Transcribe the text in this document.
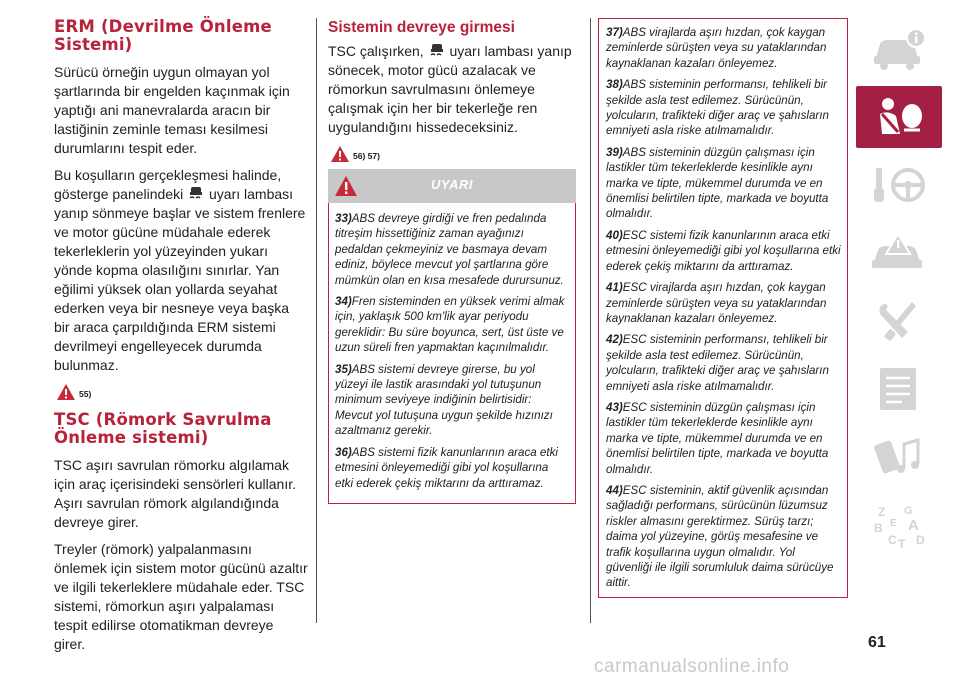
ERM (Devrilme Önleme Sistemi)

Sürücü örneğin uygun olmayan yol şartlarında bir engelden kaçınmak için yaptığı ani manevralarda aracın bir lastiğinin zeminle teması kesilmesi durumlarını tespit eder.

Bu koşulların gerçekleşmesi halinde, gösterge panelindeki uyarı lambası yanıp sönmeye başlar ve sistem frenlere ve motor gücüne müdahale ederek tekerleklerin yol yüzeyinden yukarı yönde kopma olasılığını sınırlar. Yan eğilimi yüksek olan yollarda seyahat ederken veya bir nesneye veya başka bir araca çarpıldığında ERM sistemi devrilmeyi engelleyecek durumda bulunmaz.

55)
TSC (Römork Savrulma Önleme sistemi)

TSC aşırı savrulan römorku algılamak için araç içerisindeki sensörleri kullanır. Aşırı savrulan römork algılandığında devreye girer.

Treyler (römork) yalpalanmasını önlemek için sistem motor gücünü azaltır ve ilgili tekerleklere müdahale eder. TSC sistemi, römorkun aşırı yalpalaması tespit edilirse otomatikman devreye girer.

Sistemin devreye girmesi

TSC çalışırken, uyarı lambası yanıp sönecek, motor gücü azalacak ve römorkun savrulmasını önlemeye çalışmak için her bir tekerleğe ren uygulandığını hissedeceksiniz.

56) 57)
UYARI

33)ABS devreye girdiği ve fren pedalında titreşim hissettiğiniz zaman ayağınızı pedaldan çekmeyiniz ve basmaya devam ediniz, böylece mevcut yol şartlarına göre mümkün olan en kısa mesafede durursunuz.

34)Fren sisteminden en yüksek verimi almak için, yaklaşık 500 km'lik ayar periyodu gereklidir: Bu süre boyunca, sert, üst üste ve uzun süreli fren yapmaktan kaçınılmalıdır.

35)ABS sistemi devreye girerse, bu yol yüzeyi ile lastik arasındaki yol tutuşunun minimum seviyeye indiğinin belirtisidir: Mevcut yol tutuşuna uygun şekilde hızınızı azaltmanız gerekir.

36)ABS sistemi fizik kanunlarının araca etki etmesini önleyemediği gibi yol koşullarına etki ederek çekiş miktarını da arttıramaz.

37)ABS virajlarda aşırı hızdan, çok kaygan zeminlerde sürüşten veya su yataklarından kaynaklanan kazaları önleyemez.

38)ABS sisteminin performansı, tehlikeli bir şekilde asla test edilemez. Sürücünün, yolcuların, trafikteki diğer araç ve şahısların emniyeti asla riske atılmamalıdır.

39)ABS sisteminin düzgün çalışması için lastikler tüm tekerleklerde kesinlikle aynı marka ve tipte, mükemmel durumda ve en önemlisi belirtilen tipte, markada ve boyutta olmalıdır.

40)ESC sistemi fizik kanunlarının araca etki etmesini önleyemediği gibi yol koşullarına etki ederek çekiş miktarını da arttıramaz.

41)ESC virajlarda aşırı hızdan, çok kaygan zeminlerde sürüşten veya su yataklarından kaynaklanan kazaları önleyemez.

42)ESC sisteminin performansı, tehlikeli bir şekilde asla test edilemez. Sürücünün, yolcuların, trafikteki diğer araç ve şahısların emniyeti asla riske atılmamalıdır.

43)ESC sisteminin düzgün çalışması için lastikler tüm tekerleklerde kesinlikle aynı marka ve tipte, mükemmel durumda ve en önemlisi belirtilen tipte, markada ve boyutta olmalıdır.

44)ESC sisteminin, aktif güvenlik açısından sağladığı performans, sürücünün lüzumsuz riskler almasını gerektirmez. Sürüş tarzı; daima yol yüzeyine, görüş mesafesine ve trafik koşullarına uygun olmalıdır. Yol güvenliği ile ilgili sorumluluk daima sürücüye aittir.

Z G
B A
C T D
E
61
carmanualsonline.info
